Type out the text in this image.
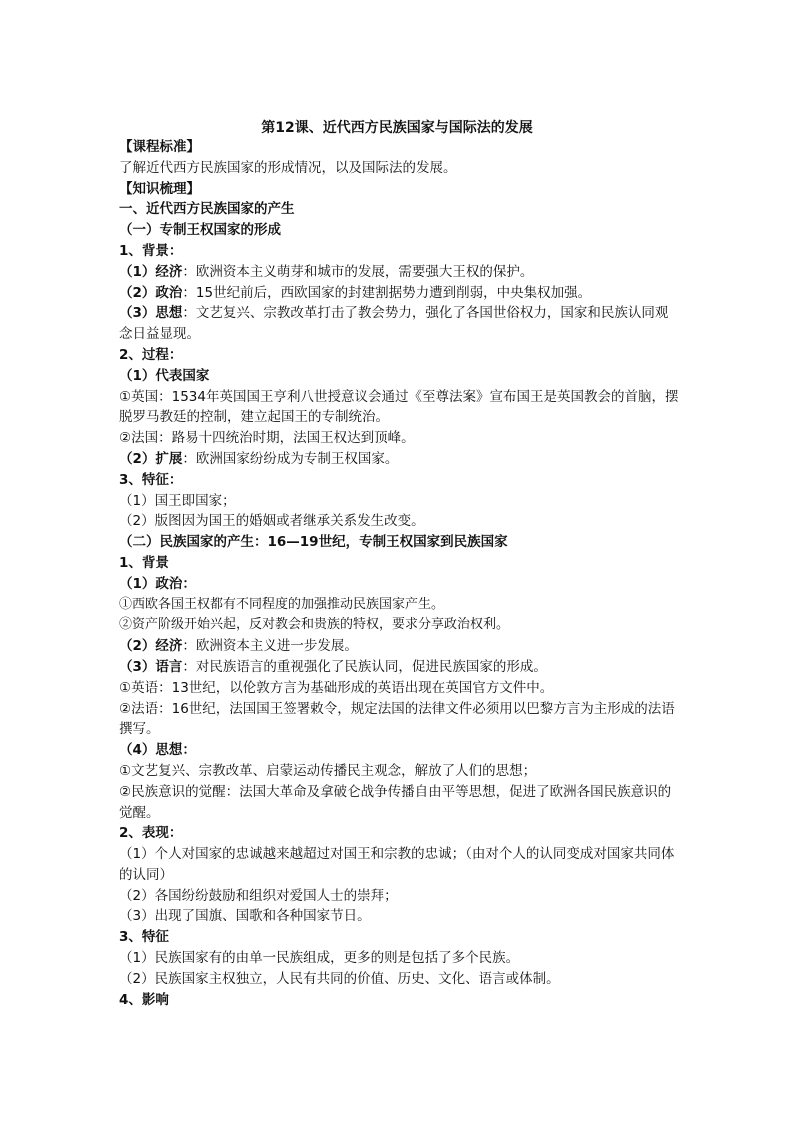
第12课、近代西方民族国家与国际法的发展
【课程标准】
了解近代西方民族国家的形成情况，以及国际法的发展。
【知识梳理】
一、近代西方民族国家的产生
（一）专制王权国家的形成
1、背景：
（1）经济：欧洲资本主义萌芽和城市的发展，需要强大王权的保护。
（2）政治：15世纪前后，西欧国家的封建割据势力遭到削弱，中央集权加强。
（3）思想：文艺复兴、宗教改革打击了教会势力，强化了各国世俗权力，国家和民族认同观念日益显现。
2、过程：
（1）代表国家
①英国：1534年英国国王亨利八世授意议会通过《至尊法案》宣布国王是英国教会的首脑，摆脱罗马教廷的控制，建立起国王的专制统治。
②法国：路易十四统治时期，法国王权达到顶峰。
（2）扩展：欧洲国家纷纷成为专制王权国家。
3、特征：
（1）国王即国家；
（2）版图因为国王的婚姻或者继承关系发生改变。
（二）民族国家的产生：16—19世纪，专制王权国家到民族国家
1、背景
（1）政治：
①西欧各国王权都有不同程度的加强推动民族国家产生。
②资产阶级开始兴起，反对教会和贵族的特权，要求分享政治权利。
（2）经济：欧洲资本主义进一步发展。
（3）语言：对民族语言的重视强化了民族认同，促进民族国家的形成。
①英语：13世纪，以伦敦方言为基础形成的英语出现在英国官方文件中。
②法语：16世纪，法国国王签署敕令，规定法国的法律文件必须用以巴黎方言为主形成的法语撰写。
（4）思想：
①文艺复兴、宗教改革、启蒙运动传播民主观念，解放了人们的思想；
②民族意识的觉醒：法国大革命及拿破仑战争传播自由平等思想，促进了欧洲各国民族意识的觉醒。
2、表现：
（1）个人对国家的忠诚越来越超过对国王和宗教的忠诚；（由对个人的认同变成对国家共同体的认同）
（2）各国纷纷鼓励和组织对爱国人士的崇拜；
（3）出现了国旗、国歌和各种国家节日。
3、特征
（1）民族国家有的由单一民族组成，更多的则是包括了多个民族。
（2）民族国家主权独立，人民有共同的价值、历史、文化、语言或体制。
4、影响
